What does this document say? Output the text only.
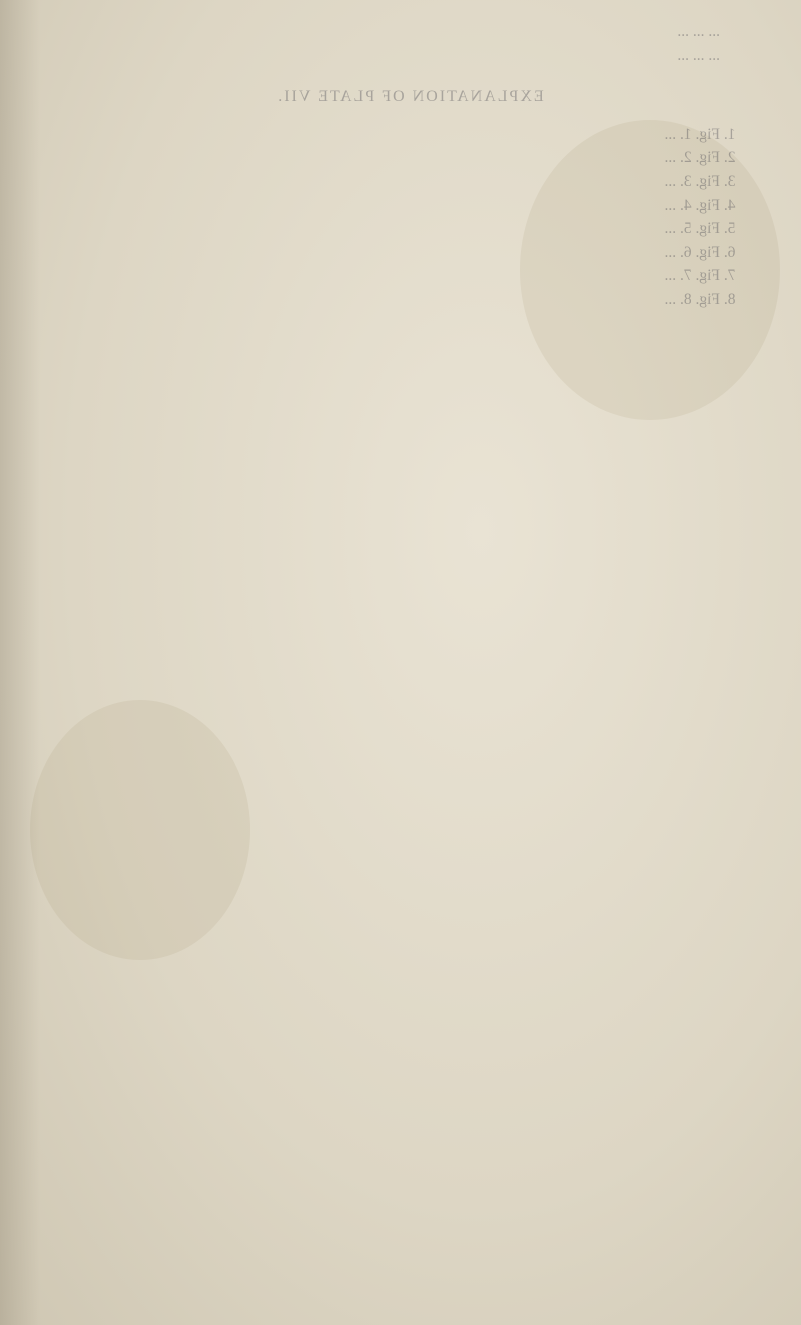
... ... ...

... ... ...

EXPLANATION OF PLATE VII.
1. Fig. 1. ...
2. Fig. 2. ...
3. Fig. 3. ...
4. Fig. 4. ...
5. Fig. 5. ...
6. Fig. 6. ...
7. Fig. 7. ...
8. Fig. 8. ...
